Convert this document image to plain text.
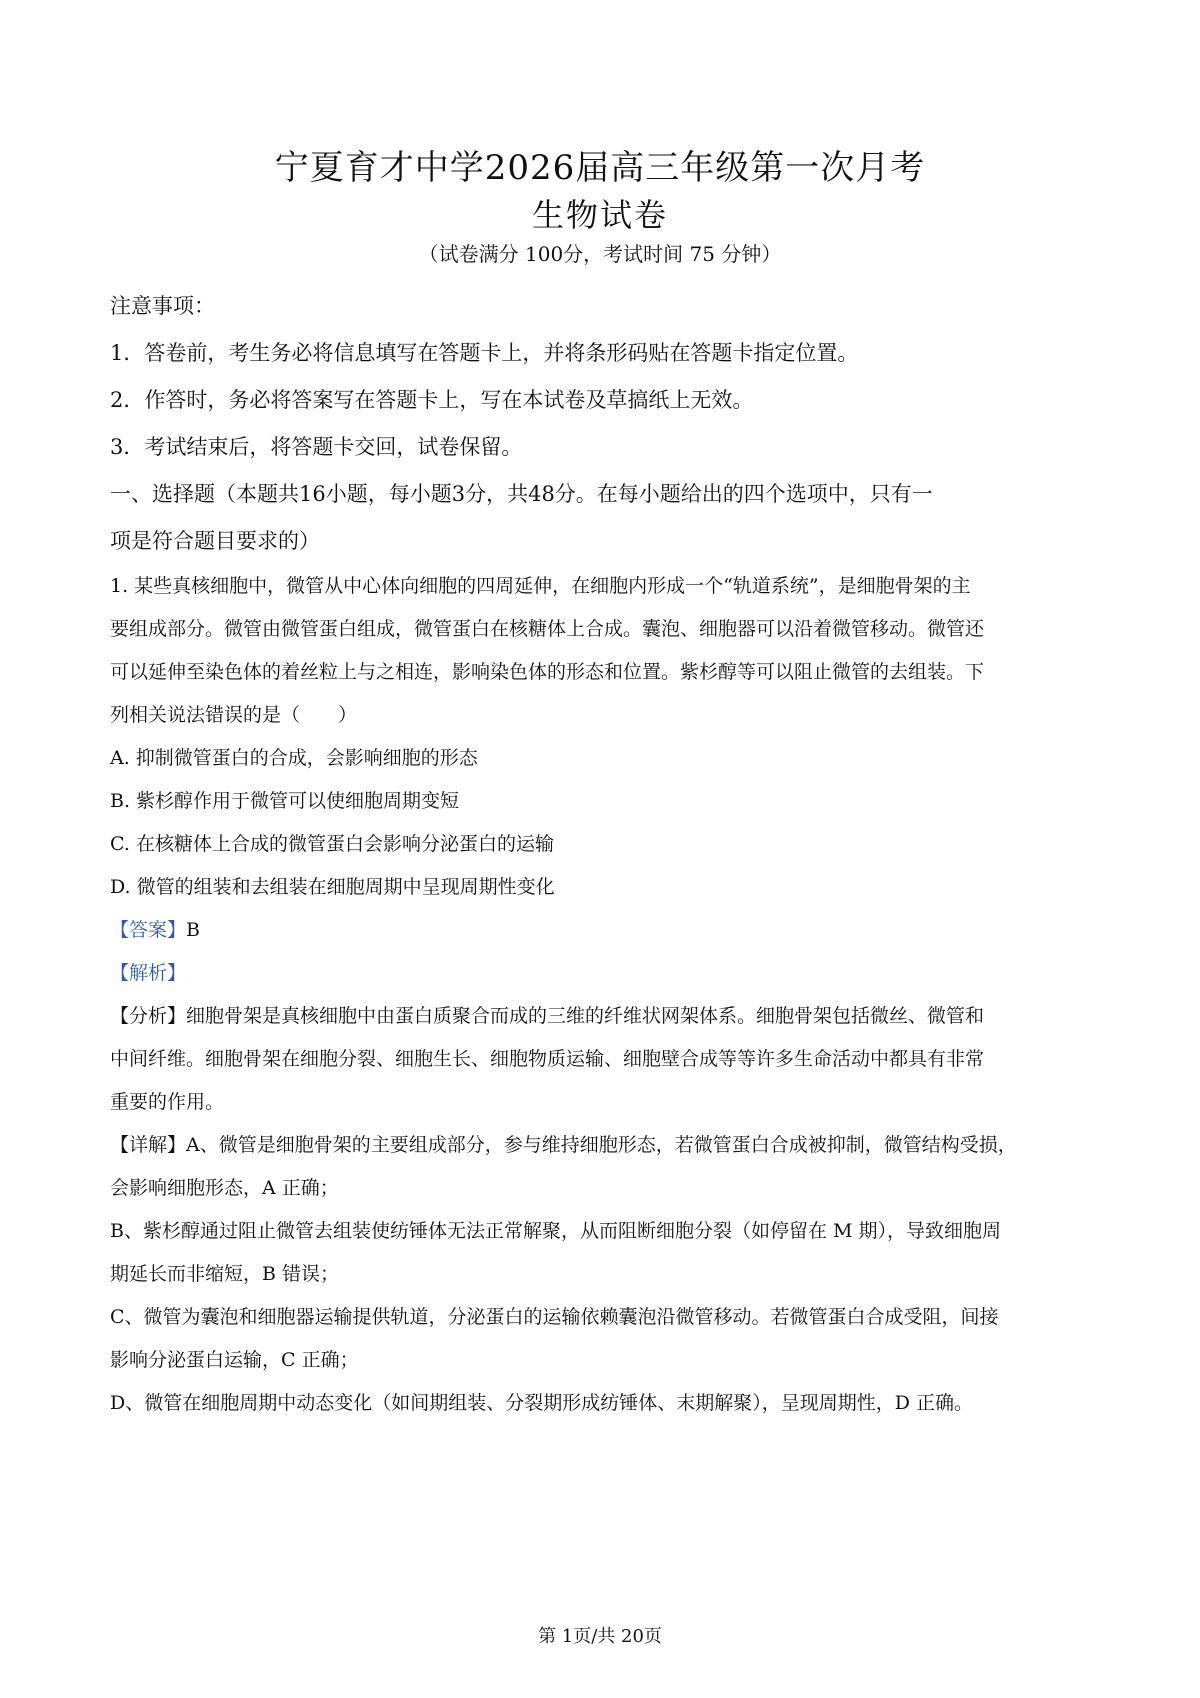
宁夏育才中学2026届高三年级第一次月考
生物试卷
（试卷满分 100分，考试时间 75 分钟）
注意事项：
1．答卷前，考生务必将信息填写在答题卡上，并将条形码贴在答题卡指定位置。
2．作答时，务必将答案写在答题卡上，写在本试卷及草搞纸上无效。
3．考试结束后，将答题卡交回，试卷保留。
一、选择题（本题共16小题，每小题3分，共48分。在每小题给出的四个选项中，只有一
项是符合题目要求的）
1. 某些真核细胞中，微管从中心体向细胞的四周延伸，在细胞内形成一个“轨道系统”，是细胞骨架的主
要组成部分。微管由微管蛋白组成，微管蛋白在核糖体上合成。囊泡、细胞器可以沿着微管移动。微管还
可以延伸至染色体的着丝粒上与之相连，影响染色体的形态和位置。紫杉醇等可以阻止微管的去组装。下
列相关说法错误的是（　　）
A. 抑制微管蛋白的合成，会影响细胞的形态
B. 紫杉醇作用于微管可以使细胞周期变短
C. 在核糖体上合成的微管蛋白会影响分泌蛋白的运输
D. 微管的组装和去组装在细胞周期中呈现周期性变化
【答案】B
【解析】
【分析】细胞骨架是真核细胞中由蛋白质聚合而成的三维的纤维状网架体系。细胞骨架包括微丝、微管和
中间纤维。细胞骨架在细胞分裂、细胞生长、细胞物质运输、细胞壁合成等等许多生命活动中都具有非常
重要的作用。
【详解】A、微管是细胞骨架的主要组成部分，参与维持细胞形态，若微管蛋白合成被抑制，微管结构受损，
会影响细胞形态，A 正确；
B、紫杉醇通过阻止微管去组装使纺锤体无法正常解聚，从而阻断细胞分裂（如停留在 M 期），导致细胞周
期延长而非缩短，B 错误；
C、微管为囊泡和细胞器运输提供轨道，分泌蛋白的运输依赖囊泡沿微管移动。若微管蛋白合成受阻，间接
影响分泌蛋白运输，C 正确；
D、微管在细胞周期中动态变化（如间期组装、分裂期形成纺锤体、末期解聚），呈现周期性，D 正确。
第 1页/共 20页
